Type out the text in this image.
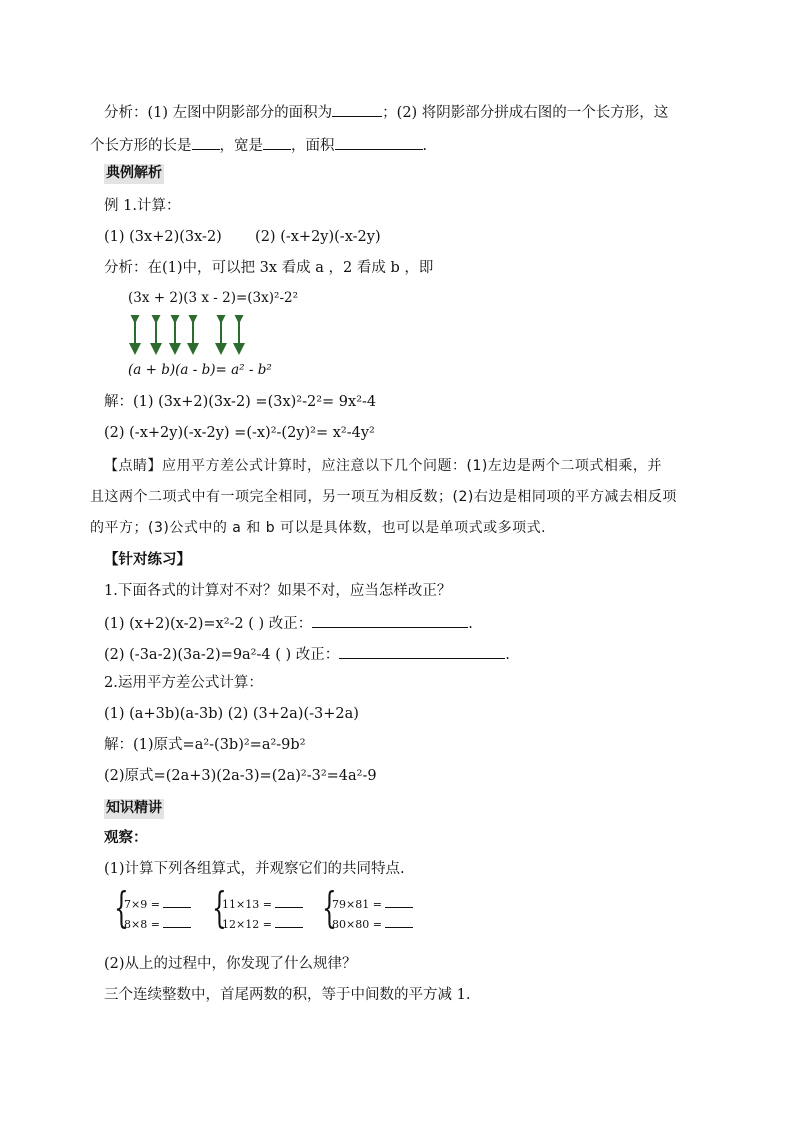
分析：(1) 左图中阴影部分的面积为	；(2) 将阴影部分拼成右图的一个长方形，这
个长方形的长是 ，宽是 ，面积	.
典例解析
例 1.计算：
(1) (3x+2)(3x-2) (2) (-x+2y)(-x-2y)
分析：在(1)中，可以把 3x 看成 a ，2 看成 b ，即
(3x + 2)(3 x - 2)=(3x)²-2²
(a + b)(a - b)= a² - b²
解：(1) (3x+2)(3x-2) =(3x)²-2²= 9x²-4
(2) (-x+2y)(-x-2y) =(-x)²-(2y)²= x²-4y²
【点睛】应用平方差公式计算时，应注意以下几个问题：(1)左边是两个二项式相乘，并
且这两个二项式中有一项完全相同，另一项互为相反数；(2)右边是相同项的平方减去相反项
的平方；(3)公式中的 a 和 b 可以是具体数，也可以是单项式或多项式.
【针对练习】
1.下面各式的计算对不对？如果不对，应当怎样改正？
(1) (x+2)(x-2)=x²-2 ( ) 改正：	.
(2) (-3a-2)(3a-2)=9a²-4 ( ) 改正：	.
2.运用平方差公式计算：
(1) (a+3b)(a-3b) (2) (3+2a)(-3+2a)
解：(1)原式=a²-(3b)²=a²-9b²
(2)原式=(2a+3)(2a-3)=(2a)²-3²=4a²-9
知识精讲
观察：
(1)计算下列各组算式，并观察它们的共同特点.
{
7×9 =
8×8 =	{
11×13 =
12×12 =	{
79×81 =
80×80 =
(2)从上的过程中，你发现了什么规律？
三个连续整数中，首尾两数的积，等于中间数的平方减 1.
